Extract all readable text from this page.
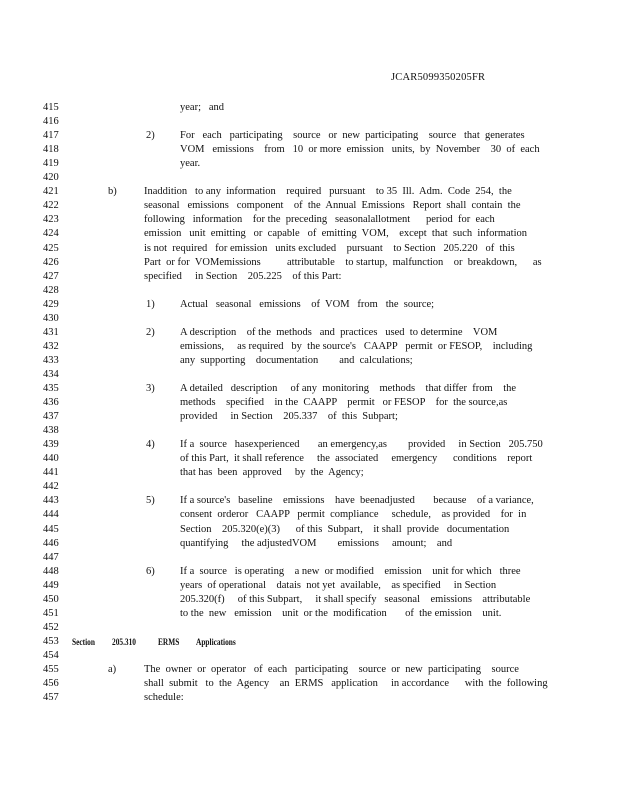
JCAR5099350205FR
415	year;   and
416
417	2) For   each   participating    source   or  new  participating    source   that  generates
418	VOM   emissions    from   10  or more  emission   units,  by  November    30  of  each
419	year.
420
421	b)	Inaddition   to any  information    required   pursuant    to 35  Ill.  Adm.  Code  254,  the
422	seasonal   emissions   component    of  the  Annual  Emissions   Report  shall  contain  the
423	following   information    for the  preceding   seasonalallotment      period  for  each
424	emission   unit  emitting   or  capable   of  emitting  VOM,    except  that  such  information
425	is not  required   for emission   units excluded    pursuant    to Section   205.220   of  this
426	Part  or for  VOMemissions          attributable    to startup,  malfunction    or  breakdown,      as
427	specified     in Section    205.225    of this Part:
428
429	1) Actual   seasonal   emissions    of  VOM   from   the  source;
430
431	2) A description    of the  methods   and  practices   used  to determine    VOM
432	emissions,     as required   by  the source's   CAAPP   permit  or FESOP,    including
433	any  supporting    documentation        and  calculations;
434
435	3) A detailed   description     of any  monitoring    methods    that differ  from    the
436	methods    specified    in the  CAAPP    permit   or FESOP    for  the source,as
437	provided     in Section    205.337    of  this  Subpart;
438
439	4) If a  source   hasexperienced       an emergency,as        provided     in Section   205.750
440	of this Part,  it shall reference     the  associated     emergency      conditions    report
441	that has  been  approved     by  the  Agency;
442
443	5) If a source's   baseline    emissions    have  beenadjusted       because    of a variance,
444	consent  orderor   CAAPP   permit  compliance     schedule,    as provided    for  in
445	Section    205.320(e)(3)      of this  Subpart,    it shall  provide   documentation
446	quantifying     the adjustedVOM        emissions     amount;    and
447
448	6) If a  source   is operating    a new  or modified    emission    unit for which   three
449	years  of operational    datais  not yet  available,    as specified     in Section
450	205.320(f)     of this Subpart,     it shall specify   seasonal    emissions    attributable
451	to the  new   emission    unit  or the  modification       of  the emission    unit.
452
453	Section 205.310 ERMS Applications
454
455	a)	The  owner  or  operator   of  each   participating    source  or  new  participating    source
456	shall  submit   to  the  Agency    an  ERMS   application     in accordance      with  the  following
457	schedule:
